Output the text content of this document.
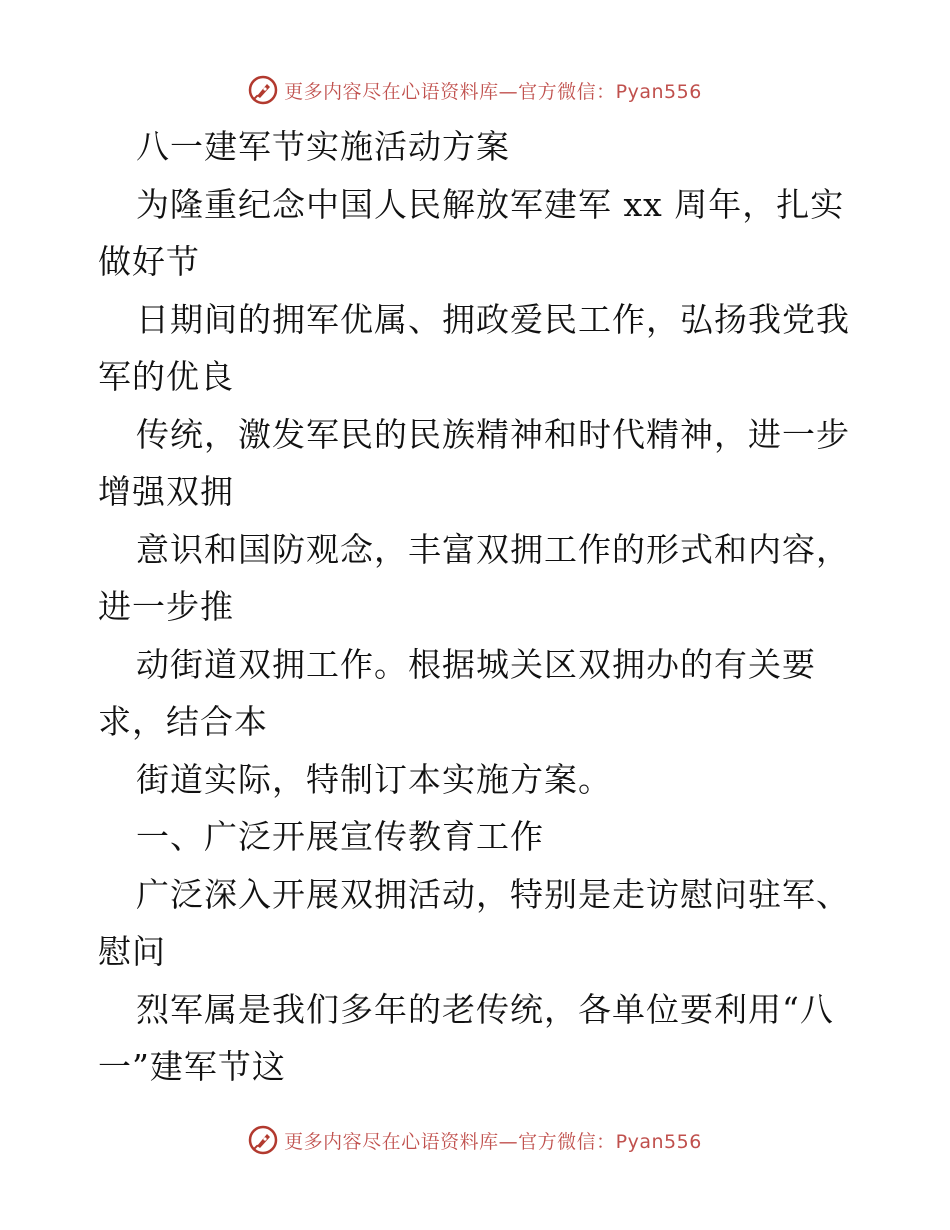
更多内容尽在心语资料库—官方微信：Pyan556
八一建军节实施活动方案
为隆重纪念中国人民解放军建军 xx 周年，扎实
做好节
日期间的拥军优属、拥政爱民工作，弘扬我党我
军的优良
传统，激发军民的民族精神和时代精神，进一步
增强双拥
意识和国防观念，丰富双拥工作的形式和内容，
进一步推
动街道双拥工作。根据城关区双拥办的有关要
求，结合本
街道实际，特制订本实施方案。
一、广泛开展宣传教育工作
广泛深入开展双拥活动，特别是走访慰问驻军、
慰问
烈军属是我们多年的老传统，各单位要利用“八
一”建军节这
更多内容尽在心语资料库—官方微信：Pyan556
